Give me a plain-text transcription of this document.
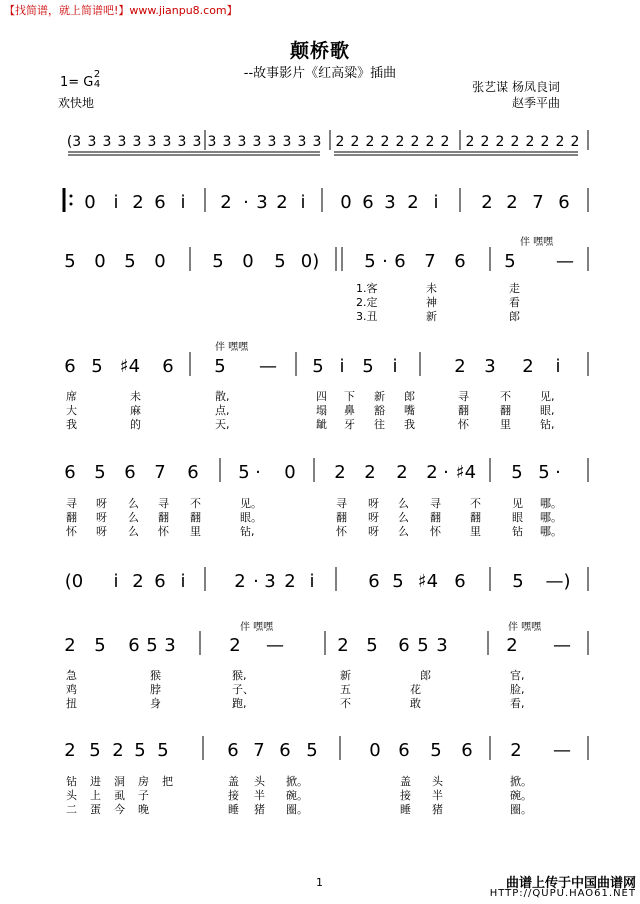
【找简谱，就上简谱吧!】www.jianpu8.com】
颠桥歌
--故事影片《红高粱》插曲
1= G
2
4
欢快地
张艺谋 杨凤良词
赵季平曲
(3 3 3 3 3 3 3 3 3 3 3 3 3 3 3 3 3 2 2 2 2 2 2 2 2 2 2 2 2 2 2 2 2
0 i 2 6 i 2 · 3 2 i 0 6 3 2 i 2 2 7 6
5 0 5 0	5 0 5 0)	5 · 6 7 6 5 —
6 5 ♯4 6 5 — 5 i 5 i	2 3 2 i
6 5 6 7 6 5 · 0 2 2 2 2 · ♯4 5 5 ·
(0 i 2 6 i	2 · 3 2 i	6 5 ♯4 6	5 —)
2 5 6 5 3	2 —	2 5 6 5 3	2 —
2 5 2 5 5	6 7 6 5	0 6 5 6 2 —
伴 嘿嘿
伴 嘿嘿
伴 嘿嘿	伴 嘿嘿
1.客	未	走
2.定	神	看
3.丑	新	郎
席	未	散,	四 下 新 郎	寻	不	见,
大	麻	点,	塌 鼻 豁 嘴	翻	翻	眼,
我	的	天,	龇 牙 往 我	怀	里	钻,
寻 呀 么 寻 不	见。	寻 呀 么 寻	不	见 哪。
翻 呀 么 翻 翻	眼。	翻 呀 么 翻	翻	眼 哪。
怀 呀 么 怀 里	钻,	怀 呀 么 怀	里	钻 哪。
急	猴	猴,	新	郎	官,
鸡	脖	子、	五	花	脸,
扭	身	跑,	不	敢	看,
钻 进 洞 房 把	盖 头 掀。	盖 头	掀。
头 上 虱 子	接 半 碗。	接 半	碗。
二 蛋 今 晚	睡 猪 圈。	睡 猪	圈。
1	曲谱上传于中国曲谱网
HTTP://QUPU.HAO61.NET
